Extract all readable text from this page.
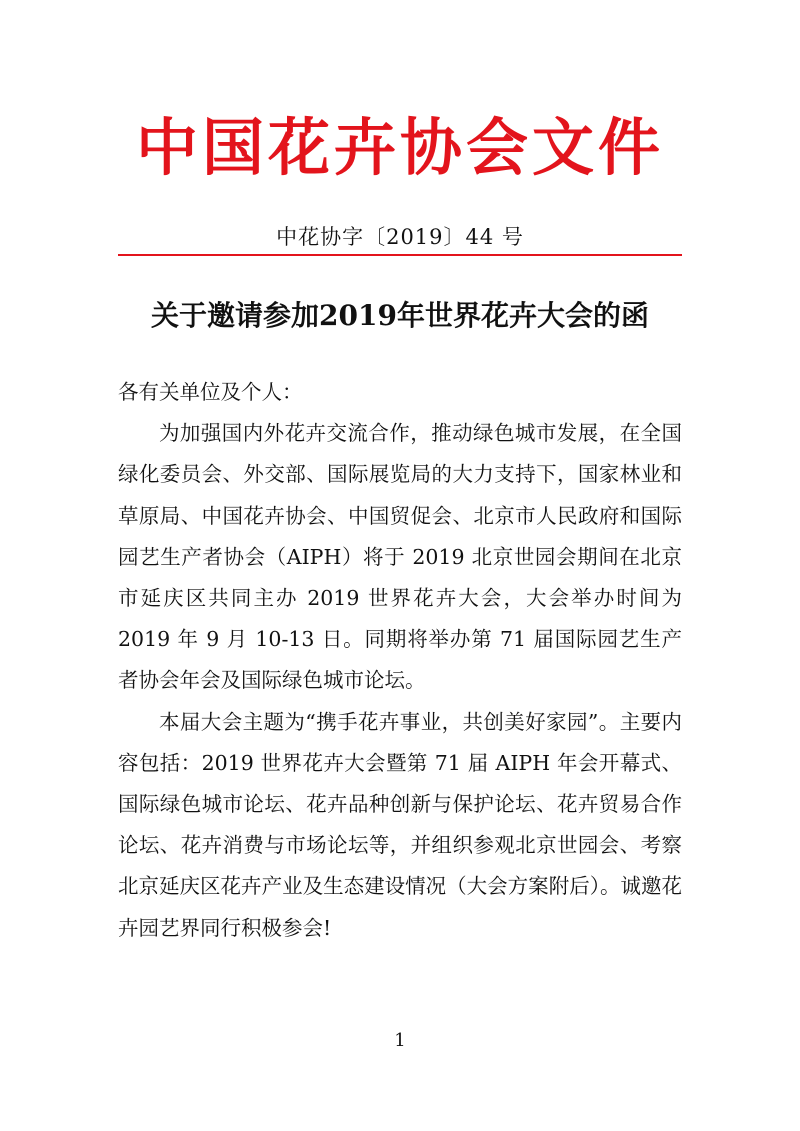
中国花卉协会文件
中花协字〔2019〕44 号
关于邀请参加2019年世界花卉大会的函

各有关单位及个人：

为加强国内外花卉交流合作，推动绿色城市发展，在全国绿化委员会、外交部、国际展览局的大力支持下，国家林业和草原局、中国花卉协会、中国贸促会、北京市人民政府和国际园艺生产者协会（AIPH）将于 2019 北京世园会期间在北京市延庆区共同主办 2019 世界花卉大会，大会举办时间为 2019 年 9 月 10-13 日。同期将举办第 71 届国际园艺生产者协会年会及国际绿色城市论坛。

本届大会主题为“携手花卉事业，共创美好家园”。主要内容包括：2019 世界花卉大会暨第 71 届 AIPH 年会开幕式、国际绿色城市论坛、花卉品种创新与保护论坛、花卉贸易合作论坛、花卉消费与市场论坛等，并组织参观北京世园会、考察北京延庆区花卉产业及生态建设情况（大会方案附后）。诚邀花卉园艺界同行积极参会!

1
